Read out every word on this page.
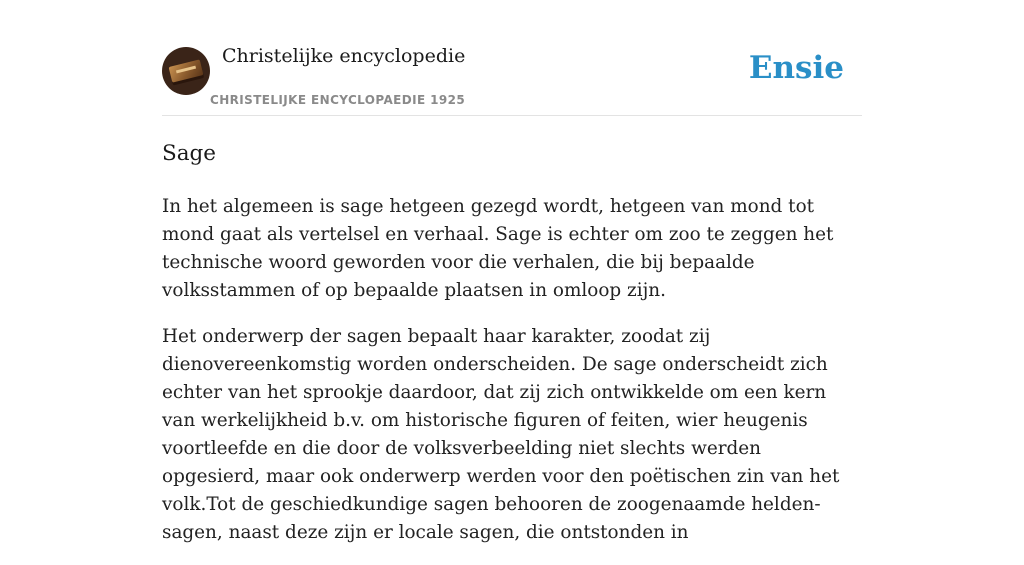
Christelijke encyclopedie
CHRISTELIJKE ENCYCLOPAEDIE 1925
Ensie
Sage

In het algemeen is sage hetgeen gezegd wordt, hetgeen van mond tot mond gaat als vertelsel en verhaal. Sage is echter om zoo te zeggen het technische woord geworden voor die verhalen, die bij bepaalde volksstammen of op bepaalde plaatsen in omloop zijn.

Het onderwerp der sagen bepaalt haar karakter, zoodat zij dienovereenkomstig worden onderscheiden. De sage onderscheidt zich echter van het sprookje daardoor, dat zij zich ontwikkelde om een kern van werkelijkheid b.v. om historische figuren of feiten, wier heugenis voortleefde en die door de volksverbeelding niet slechts werden opgesierd, maar ook onderwerp werden voor den poëtischen zin van het volk.Tot de geschiedkundige sagen behooren de zoogenaamde helden-sagen, naast deze zijn er locale sagen, die ontstonden in
